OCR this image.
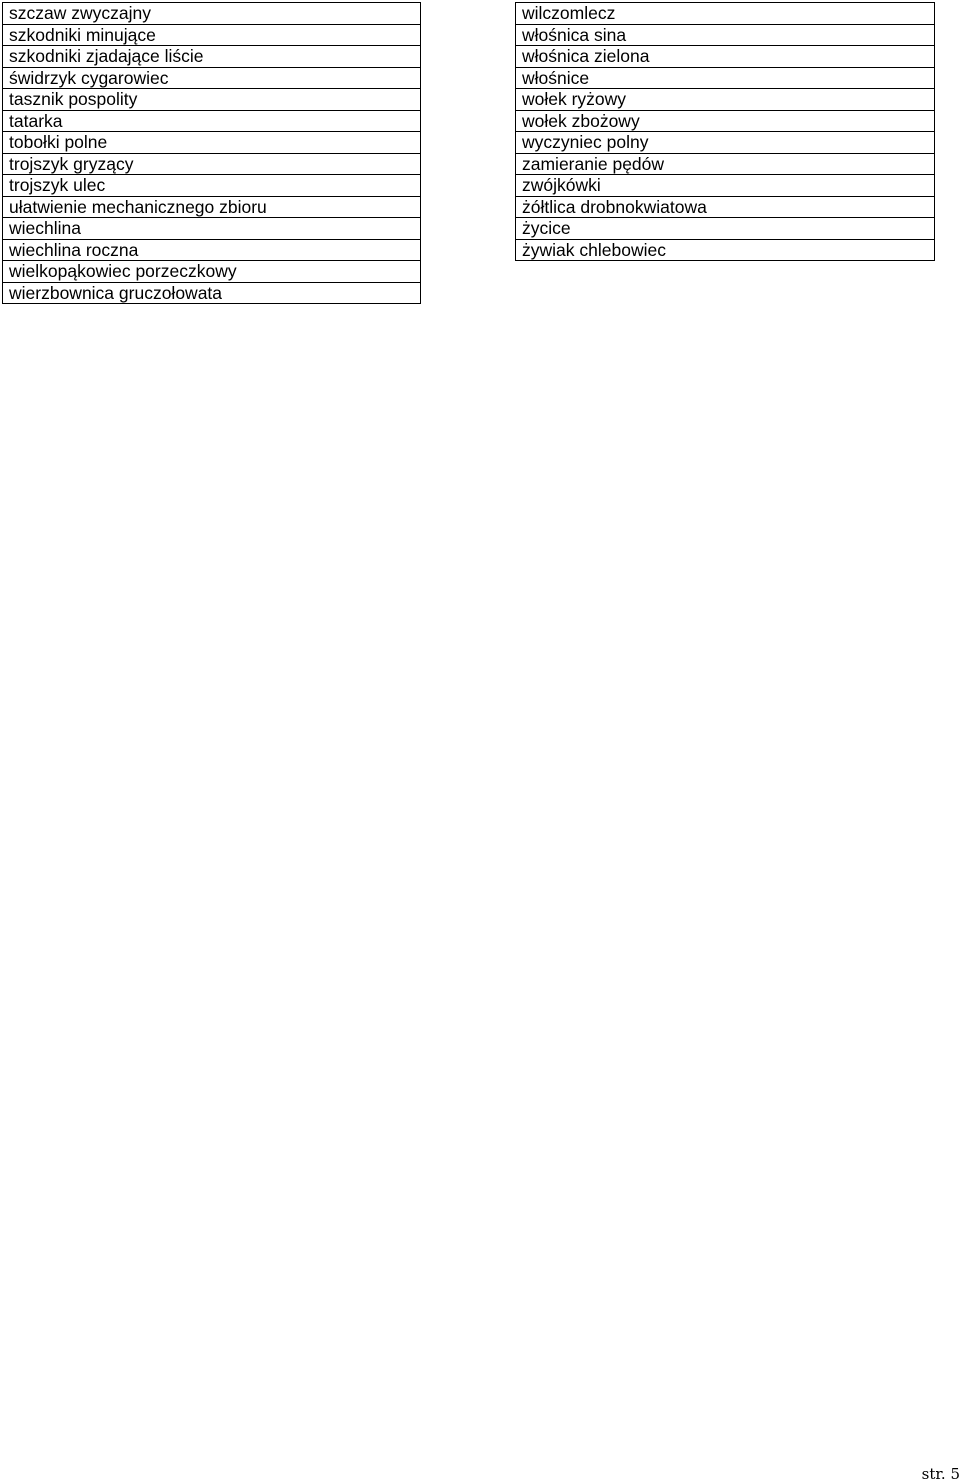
szczaw zwyczajny
szkodniki minujące
szkodniki zjadające liście
świdrzyk cygarowiec
tasznik pospolity
tatarka
tobołki polne
trojszyk gryzący
trojszyk ulec
ułatwienie mechanicznego zbioru
wiechlina
wiechlina roczna
wielkopąkowiec porzeczkowy
wierzbownica gruczołowata
wilczomlecz
włośnica sina
włośnica zielona
włośnice
wołek ryżowy
wołek zbożowy
wyczyniec polny
zamieranie pędów
zwójkówki
żółtlica drobnokwiatowa
życice
żywiak chlebowiec
str. 5
